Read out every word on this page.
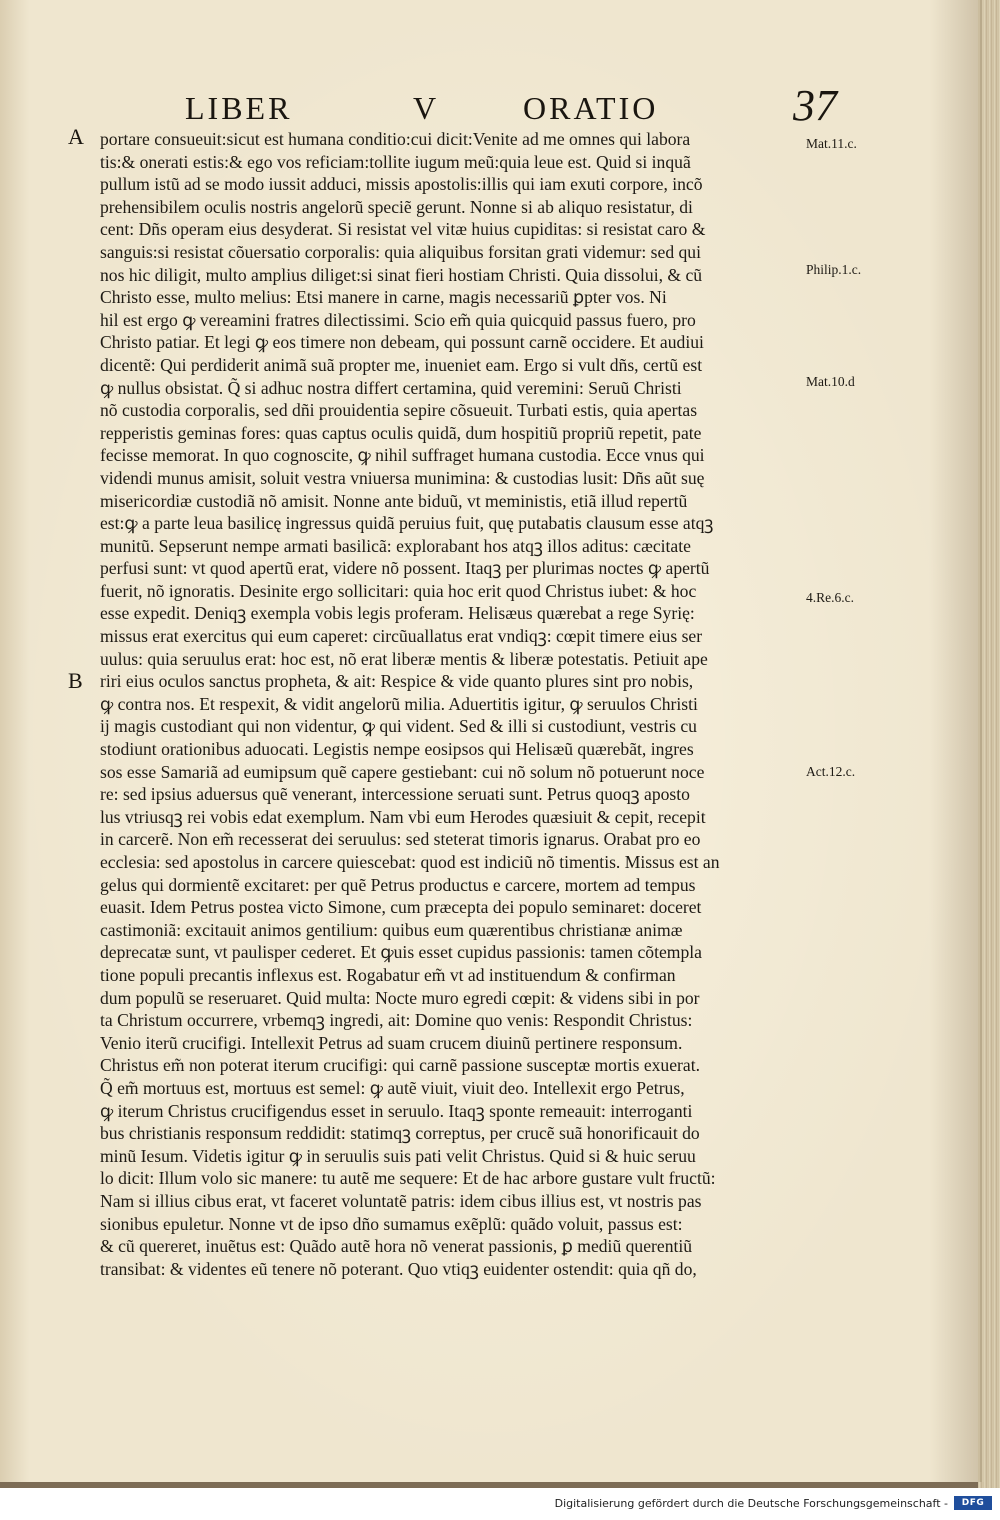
LIBER	V	ORATIO	37
A
B
Mat.11.c.
Philip.1.c.
Mat.10.d
4.Re.6.c.
Act.12.c.
portare consueuit:sicut est humana conditio:cui dicit:Venite ad me omnes qui labora
tis:& onerati estis:& ego vos reficiam:tollite iugum meũ:quia leue est. Quid si inquã
pullum istũ ad se modo iussit adduci, missis apostolis:illis qui iam exuti corpore, incõ
prehensibilem oculis nostris angelorũ speciẽ gerunt. Nonne si ab aliquo resistatur, di
cent: Dñs operam eius desyderat. Si resistat vel vitæ huius cupiditas: si resistat caro &
sanguis:si resistat cõuersatio corporalis: quia aliquibus forsitan grati videmur: sed qui
nos hic diligit, multo amplius diliget:si sinat fieri hostiam Christi. Quia dissolui, & cũ
Christo esse, multo melius: Etsi manere in carne, magis necessariũ ꝑpter vos. Ni
hil est ergo ꝙ vereamini fratres dilectissimi. Scio em̃ quia quicquid passus fuero, pro
Christo patiar. Et legi ꝙ eos timere non debeam, qui possunt carnẽ occidere. Et audiui
dicentẽ: Qui perdiderit animã suã propter me, inueniet eam. Ergo si vult dñs, certũ est
ꝙ nullus obsistat. Q̃ si adhuc nostra differt certamina, quid veremini: Seruũ Christi
nõ custodia corporalis, sed dñi prouidentia sepire cõsueuit. Turbati estis, quia apertas
repperistis geminas fores: quas captus oculis quidã, dum hospitiũ propriũ repetit, pate
fecisse memorat. In quo cognoscite, ꝙ nihil suffraget humana custodia. Ecce vnus qui
videndi munus amisit, soluit vestra vniuersa munimina: & custodias lusit: Dñs aũt suę
misericordiæ custodiã nõ amisit. Nonne ante biduũ, vt meministis, etiã illud repertũ
est:ꝙ a parte leua basilicę ingressus quidã peruius fuit, quę putabatis clausum esse atqꝫ
munitũ. Sepserunt nempe armati basilicã: explorabant hos atqꝫ illos aditus: cæcitate
perfusi sunt: vt quod apertũ erat, videre nõ possent. Itaqꝫ per plurimas noctes ꝙ apertũ
fuerit, nõ ignoratis. Desinite ergo sollicitari: quia hoc erit quod Christus iubet: & hoc
esse expedit. Deniqꝫ exempla vobis legis proferam. Helisæus quærebat a rege Syrię:
missus erat exercitus qui eum caperet: circũuallatus erat vndiqꝫ: cœpit timere eius ser
uulus: quia seruulus erat: hoc est, nõ erat liberæ mentis & liberæ potestatis. Petiuit ape
riri eius oculos sanctus propheta, & ait: Respice & vide quanto plures sint pro nobis,
ꝙ contra nos. Et respexit, & vidit angelorũ milia. Aduertitis igitur, ꝙ seruulos Christi
ij magis custodiant qui non videntur, ꝙ qui vident. Sed & illi si custodiunt, vestris cu
stodiunt orationibus aduocati. Legistis nempe eosipsos qui Helisæũ quærebãt, ingres
sos esse Samariã ad eumipsum quẽ capere gestiebant: cui nõ solum nõ potuerunt noce
re: sed ipsius aduersus quẽ venerant, intercessione seruati sunt. Petrus quoqꝫ aposto
lus vtriusqꝫ rei vobis edat exemplum. Nam vbi eum Herodes quæsiuit & cepit, recepit
in carcerẽ. Non em̃ recesserat dei seruulus: sed steterat timoris ignarus. Orabat pro eo
ecclesia: sed apostolus in carcere quiescebat: quod est indiciũ nõ timentis. Missus est an
gelus qui dormientẽ excitaret: per quẽ Petrus productus e carcere, mortem ad tempus
euasit. Idem Petrus postea victo Simone, cum præcepta dei populo seminaret: doceret
castimoniã: excitauit animos gentilium: quibus eum quærentibus christianæ animæ
deprecatæ sunt, vt paulisper cederet. Et ꝙuis esset cupidus passionis: tamen cõtempla
tione populi precantis inflexus est. Rogabatur em̃ vt ad instituendum & confirman
dum populũ se reseruaret. Quid multa: Nocte muro egredi cœpit: & videns sibi in por
ta Christum occurrere, vrbemqꝫ ingredi, ait: Domine quo venis: Respondit Christus:
Venio iterũ crucifigi. Intellexit Petrus ad suam crucem diuinũ pertinere responsum.
Christus em̃ non poterat iterum crucifigi: qui carnẽ passione susceptæ mortis exuerat.
Q̃ em̃ mortuus est, mortuus est semel: ꝙ autẽ viuit, viuit deo. Intellexit ergo Petrus,
ꝙ iterum Christus crucifigendus esset in seruulo. Itaqꝫ sponte remeauit: interroganti
bus christianis responsum reddidit: statimqꝫ correptus, per crucẽ suã honorificauit do
minũ Iesum. Videtis igitur ꝙ in seruulis suis pati velit Christus. Quid si & huic seruu
lo dicit: Illum volo sic manere: tu autẽ me sequere: Et de hac arbore gustare vult fructũ:
Nam si illius cibus erat, vt faceret voluntatẽ patris: idem cibus illius est, vt nostris pas
sionibus epuletur. Nonne vt de ipso dño sumamus exẽplũ: quãdo voluit, passus est:
& cũ quereret, inuẽtus est: Quãdo autẽ hora nõ venerat passionis, ꝑ mediũ querentiũ
transibat: & videntes eũ tenere nõ poterant. Quo vtiqꝫ euidenter ostendit: quia qñ do,
Digitalisierung gefördert durch die Deutsche Forschungsgemeinschaft -	DFG
